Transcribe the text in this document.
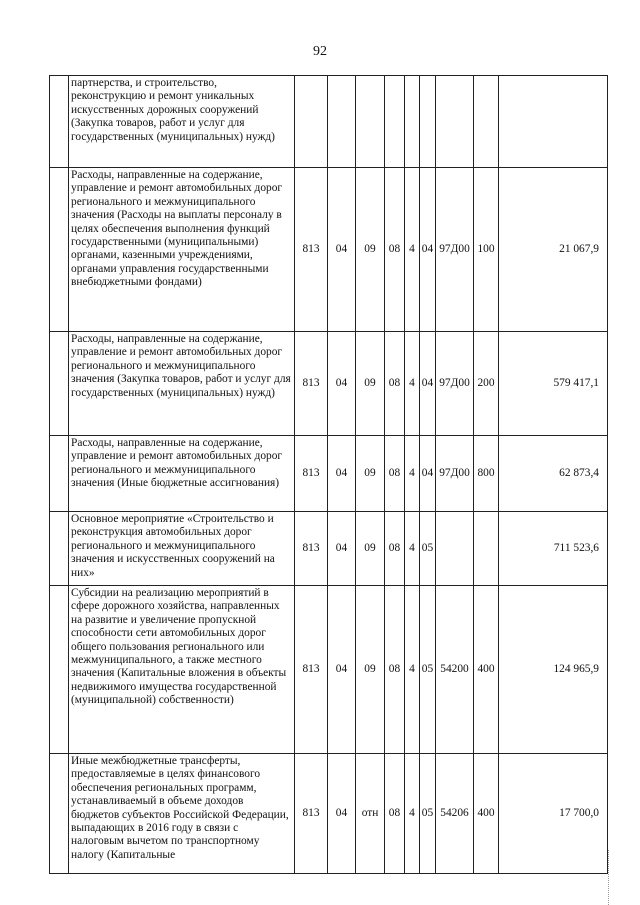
92
	партнерства, и строительство, реконструкцию и ремонт уникальных искусственных дорожных сооружений (Закупка товаров, работ и услуг для государственных (муниципальных) нужд)									
	Расходы, направленные на содержание, управление и ремонт автомобильных дорог регионального и межмуниципального значения (Расходы на выплаты персоналу в целях обеспечения выполнения функций государственными (муниципальными) органами, казенными учреждениями, органами управления государственными внебюджетными фондами)	813	04	09	08	4	04	97Д00	100	21 067,9
	Расходы, направленные на содержание, управление и ремонт автомобильных дорог регионального и межмуниципального значения (Закупка товаров, работ и услуг для государственных (муниципальных) нужд)	813	04	09	08	4	04	97Д00	200	579 417,1
	Расходы, направленные на содержание, управление и ремонт автомобильных дорог регионального и межмуниципального значения (Иные бюджетные ассигнования)	813	04	09	08	4	04	97Д00	800	62 873,4
	Основное мероприятие «Строительство и реконструкция автомобильных дорог регионального и межмуниципального значения и искусственных сооружений на них»	813	04	09	08	4	05			711 523,6
	Субсидии на реализацию мероприятий в сфере дорожного хозяйства, направленных на развитие и увеличение пропускной способности сети автомобильных дорог общего пользования регионального или межмуниципального, а также местного значения (Капитальные вложения в объекты недвижимого имущества государственной (муниципальной) собственности)	813	04	09	08	4	05	54200	400	124 965,9
	Иные межбюджетные трансферты, предоставляемые в целях финансового обеспечения региональных программ, устанавливаемый в объеме доходов бюджетов субъектов Российской Федерации, выпадающих в 2016 году в связи с налоговым вычетом по транспортному налогу (Капитальные	813	04	отн	08	4	05	54206	400	17 700,0
